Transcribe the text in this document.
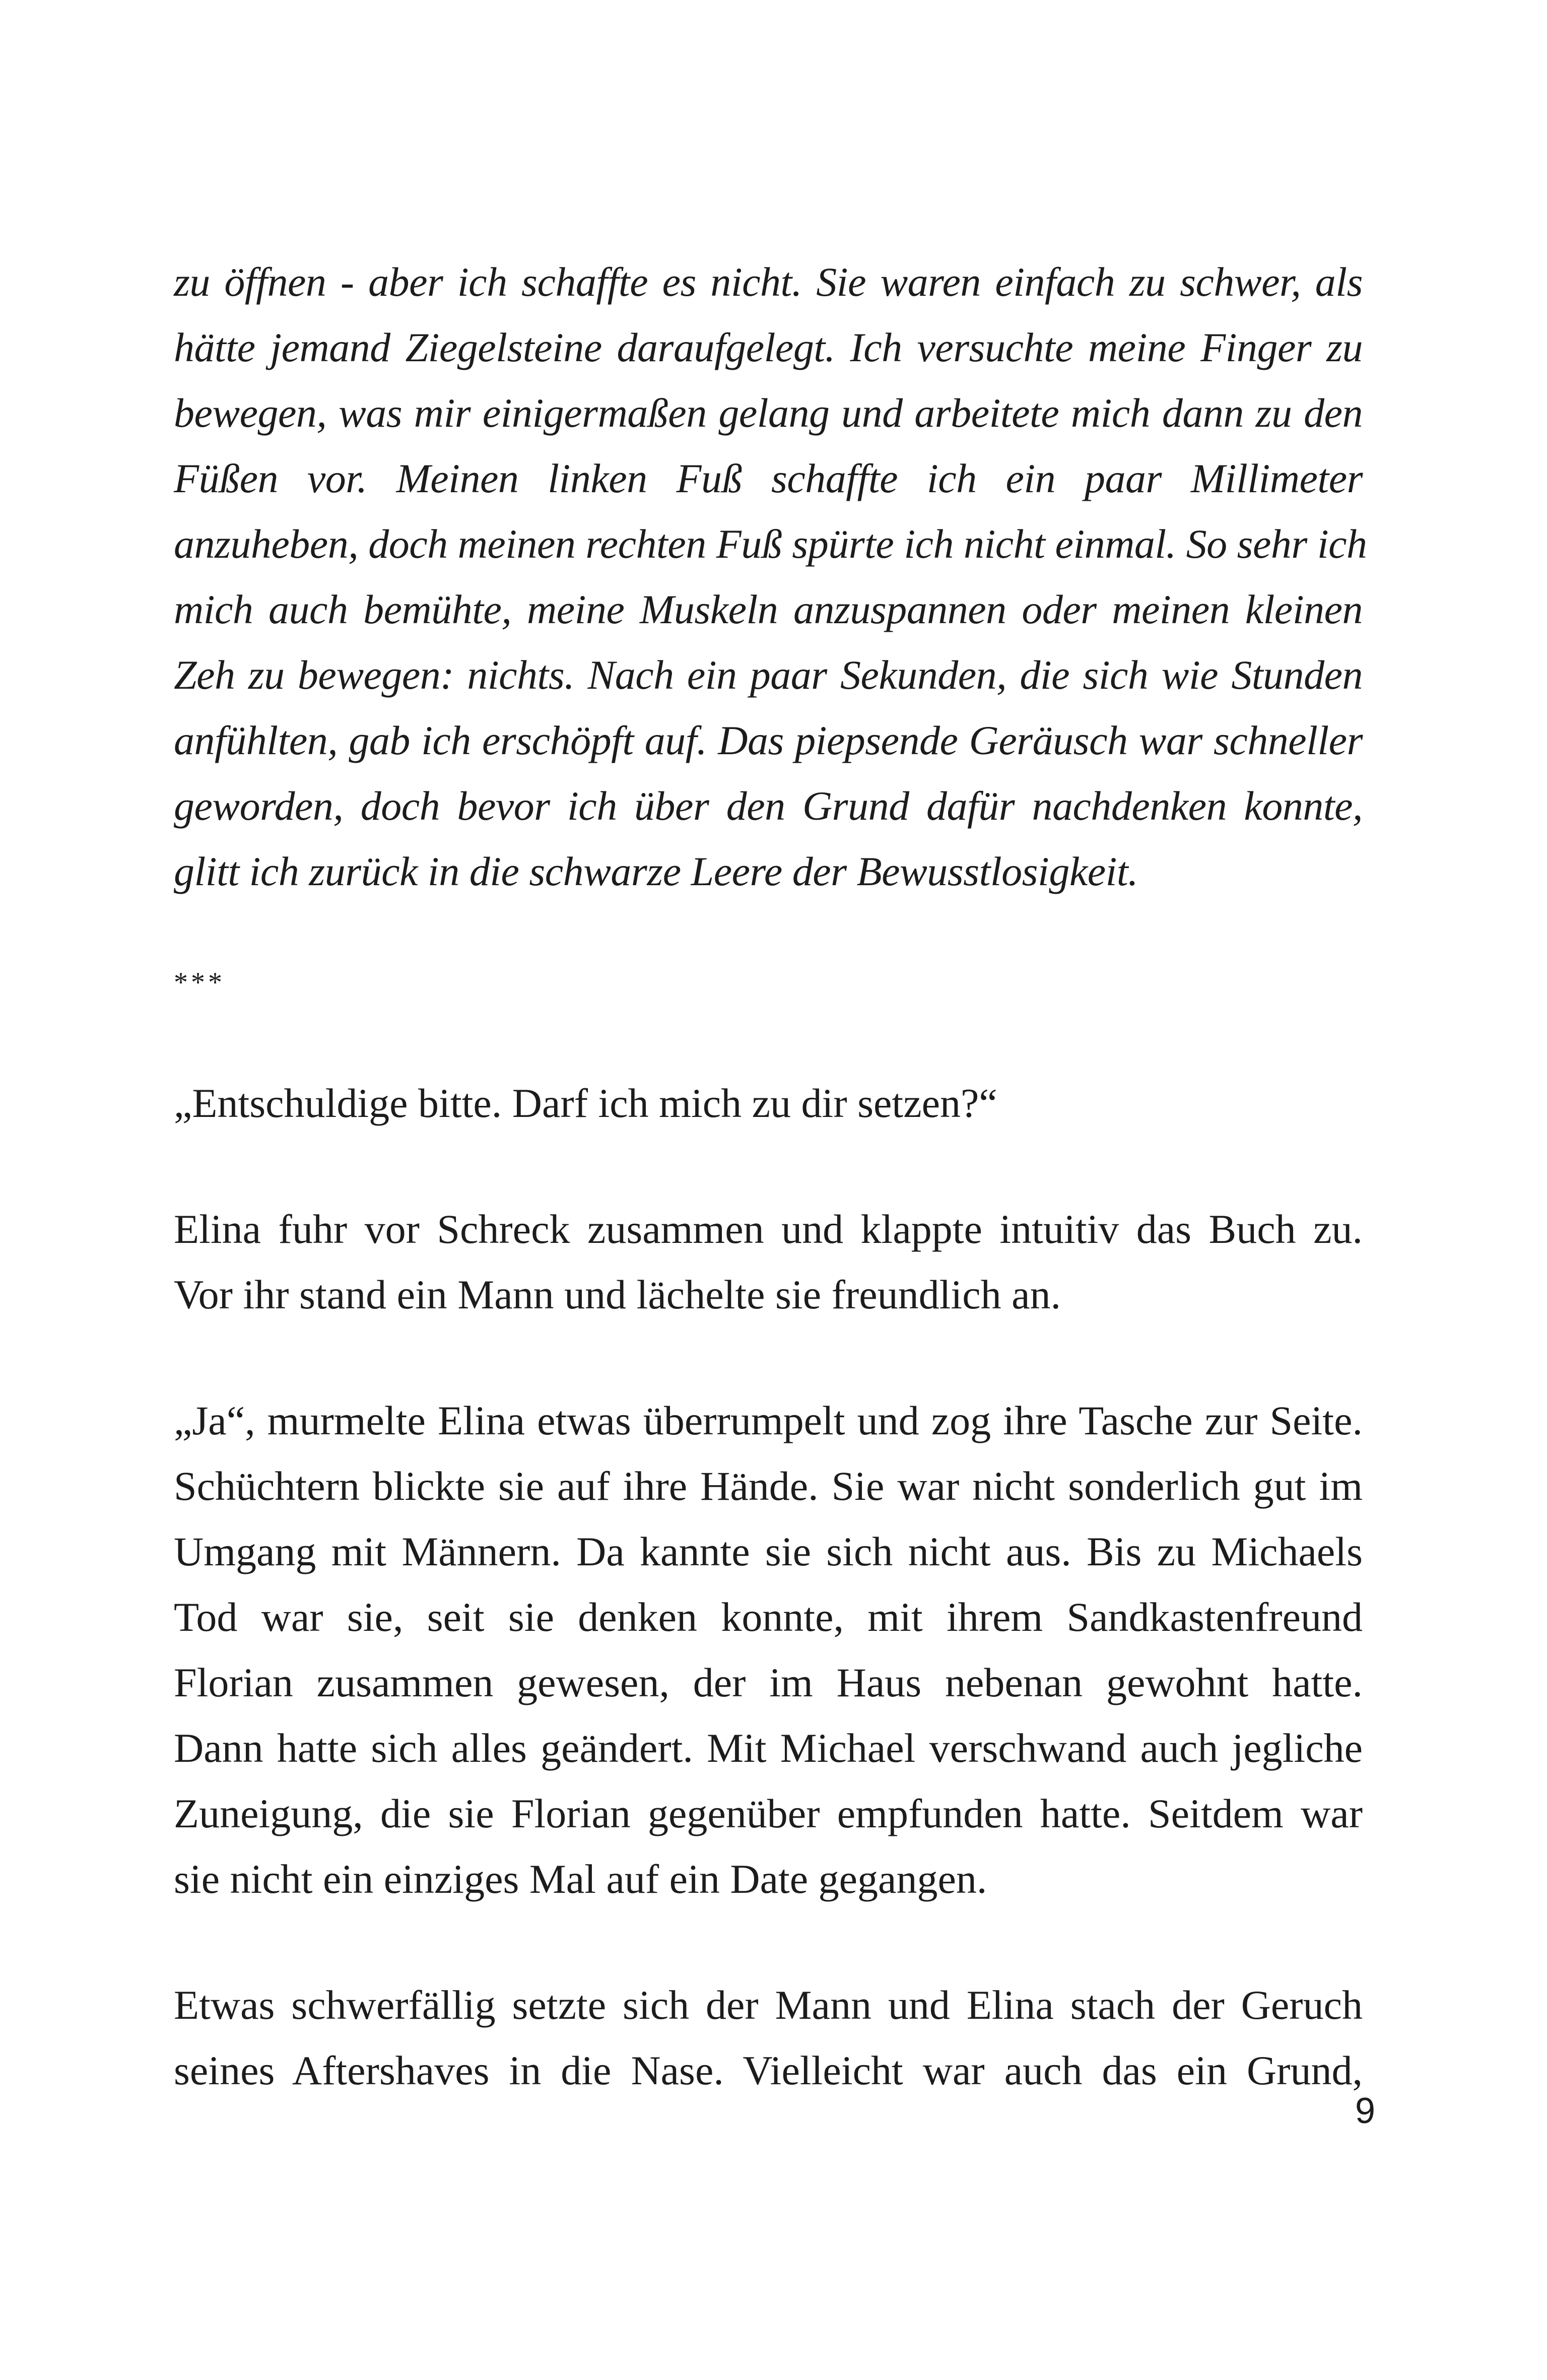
zu öffnen - aber ich schaffte es nicht. Sie waren einfach zu schwer, als
hätte jemand Ziegelsteine daraufgelegt. Ich versuchte meine Finger zu
bewegen, was mir einigermaßen gelang und arbeitete mich dann zu den
Füßen vor. Meinen linken Fuß schaffte ich ein paar Millimeter
anzuheben, doch meinen rechten Fuß spürte ich nicht einmal. So sehr ich
mich auch bemühte, meine Muskeln anzuspannen oder meinen kleinen
Zeh zu bewegen: nichts. Nach ein paar Sekunden, die sich wie Stunden
anfühlten, gab ich erschöpft auf. Das piepsende Geräusch war schneller
geworden, doch bevor ich über den Grund dafür nachdenken konnte,
glitt ich zurück in die schwarze Leere der Bewusstlosigkeit.
***
„Entschuldige bitte. Darf ich mich zu dir setzen?“
Elina fuhr vor Schreck zusammen und klappte intuitiv das Buch zu.
Vor ihr stand ein Mann und lächelte sie freundlich an.
„Ja“, murmelte Elina etwas überrumpelt und zog ihre Tasche zur Seite.
Schüchtern blickte sie auf ihre Hände. Sie war nicht sonderlich gut im
Umgang mit Männern. Da kannte sie sich nicht aus. Bis zu Michaels
Tod war sie, seit sie denken konnte, mit ihrem Sandkastenfreund
Florian zusammen gewesen, der im Haus nebenan gewohnt hatte.
Dann hatte sich alles geändert. Mit Michael verschwand auch jegliche
Zuneigung, die sie Florian gegenüber empfunden hatte. Seitdem war
sie nicht ein einziges Mal auf ein Date gegangen.
Etwas schwerfällig setzte sich der Mann und Elina stach der Geruch
seines Aftershaves in die Nase. Vielleicht war auch das ein Grund,
9
